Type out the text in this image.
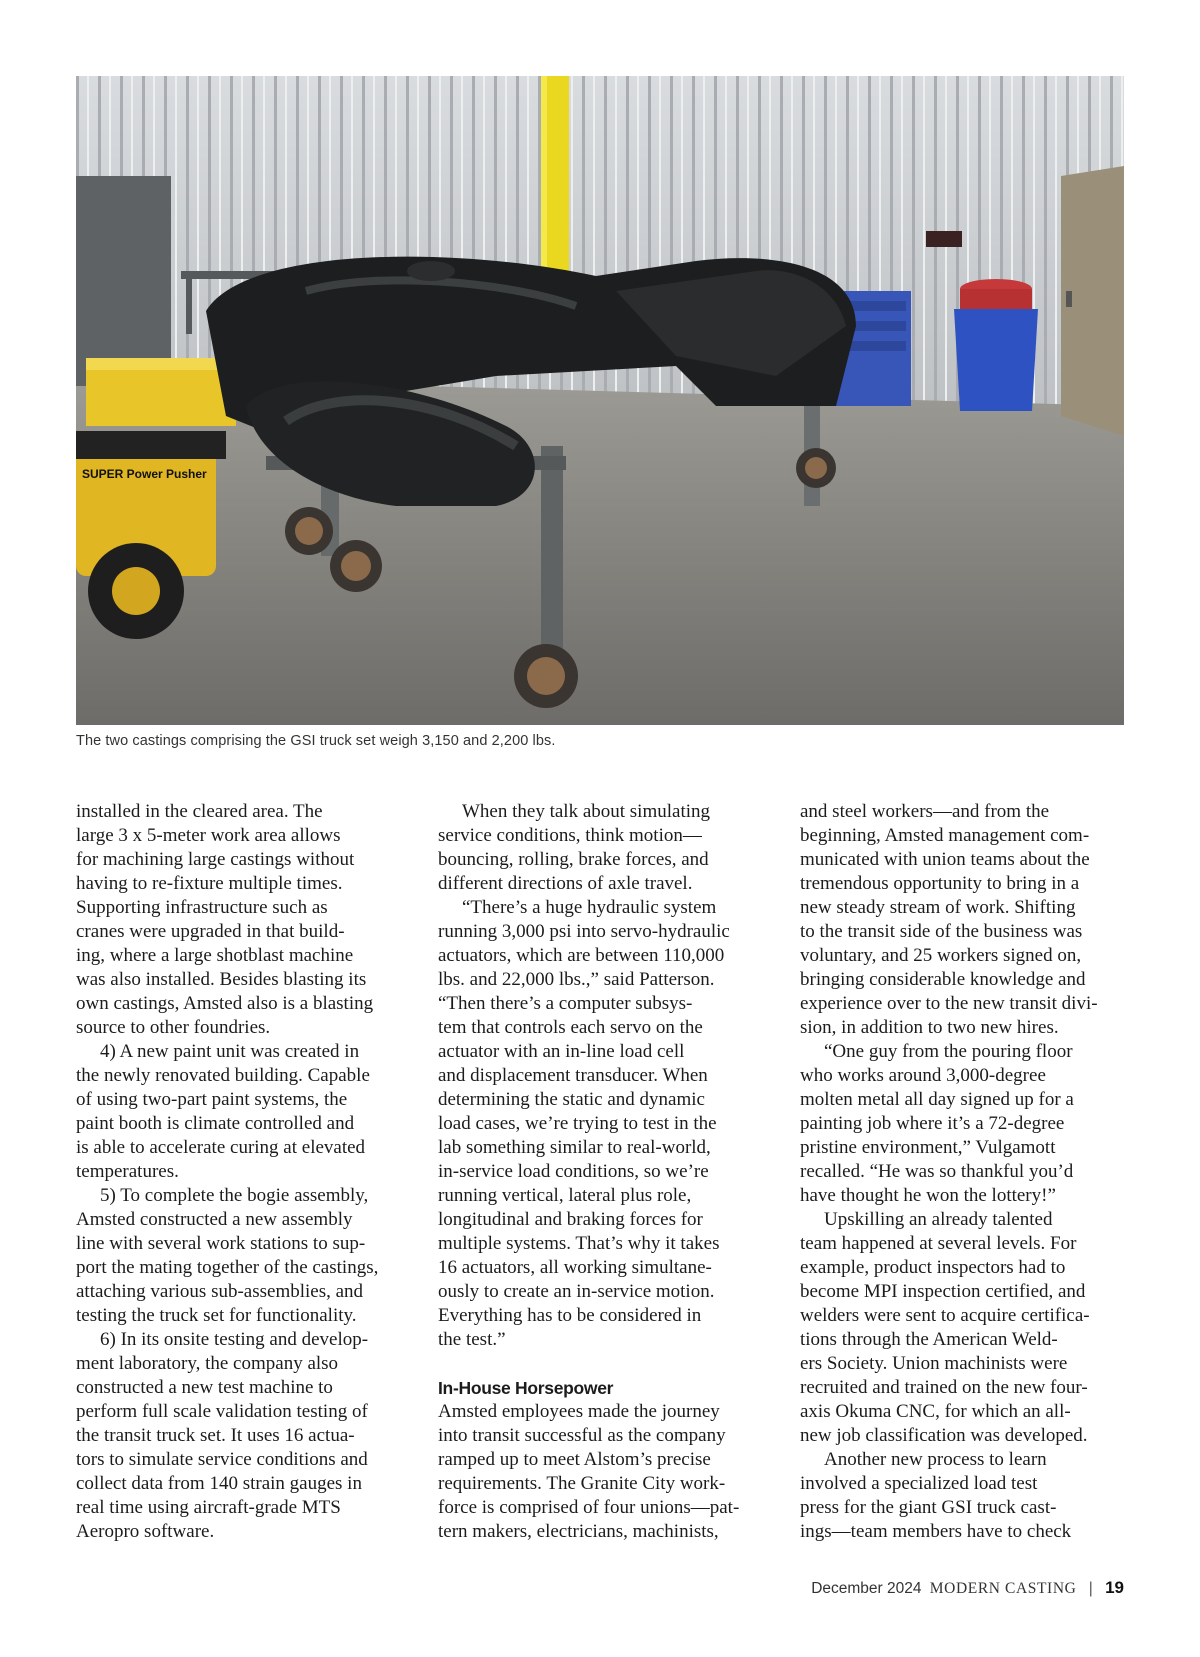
SUPER Power Pusher
The two castings comprising the GSI truck set weigh 3,150 and 2,200 lbs.
installed in the cleared area. The
large 3 x 5-meter work area allows
for machining large castings without
having to re-fixture multiple times.
Supporting infrastructure such as
cranes were upgraded in that build-
ing, where a large shotblast machine
was also installed. Besides blasting its
own castings, Amsted also is a blasting
source to other foundries.
4) A new paint unit was created in
the newly renovated building. Capable
of using two-part paint systems, the
paint booth is climate controlled and
is able to accelerate curing at elevated
temperatures.
5) To complete the bogie assembly,
Amsted constructed a new assembly
line with several work stations to sup-
port the mating together of the castings,
attaching various sub-assemblies, and
testing the truck set for functionality.
6) In its onsite testing and develop-
ment laboratory, the company also
constructed a new test machine to
perform full scale validation testing of
the transit truck set. It uses 16 actua-
tors to simulate service conditions and
collect data from 140 strain gauges in
real time using aircraft-grade MTS
Aeropro software.
When they talk about simulating
service conditions, think motion—
bouncing, rolling, brake forces, and
different directions of axle travel.
“There’s a huge hydraulic system
running 3,000 psi into servo-hydraulic
actuators, which are between 110,000
lbs. and 22,000 lbs.,” said Patterson.
“Then there’s a computer subsys-
tem that controls each servo on the
actuator with an in-line load cell
and displacement transducer. When
determining the static and dynamic
load cases, we’re trying to test in the
lab something similar to real-world,
in-service load conditions, so we’re
running vertical, lateral plus role,
longitudinal and braking forces for
multiple systems. That’s why it takes
16 actuators, all working simultane-
ously to create an in-service motion.
Everything has to be considered in
the test.”
In-House Horsepower
Amsted employees made the journey
into transit successful as the company
ramped up to meet Alstom’s precise
requirements. The Granite City work-
force is comprised of four unions—pat-
tern makers, electricians, machinists,
and steel workers—and from the
beginning, Amsted management com-
municated with union teams about the
tremendous opportunity to bring in a
new steady stream of work. Shifting
to the transit side of the business was
voluntary, and 25 workers signed on,
bringing considerable knowledge and
experience over to the new transit divi-
sion, in addition to two new hires.
“One guy from the pouring floor
who works around 3,000-degree
molten metal all day signed up for a
painting job where it’s a 72-degree
pristine environment,” Vulgamott
recalled. “He was so thankful you’d
have thought he won the lottery!”
Upskilling an already talented
team happened at several levels. For
example, product inspectors had to
become MPI inspection certified, and
welders were sent to acquire certifica-
tions through the American Weld-
ers Society. Union machinists were
recruited and trained on the new four-
axis Okuma CNC, for which an all-
new job classification was developed.
Another new process to learn
involved a specialized load test
press for the giant GSI truck cast-
ings—team members have to check
December 2024 MODERN CASTING | 19
